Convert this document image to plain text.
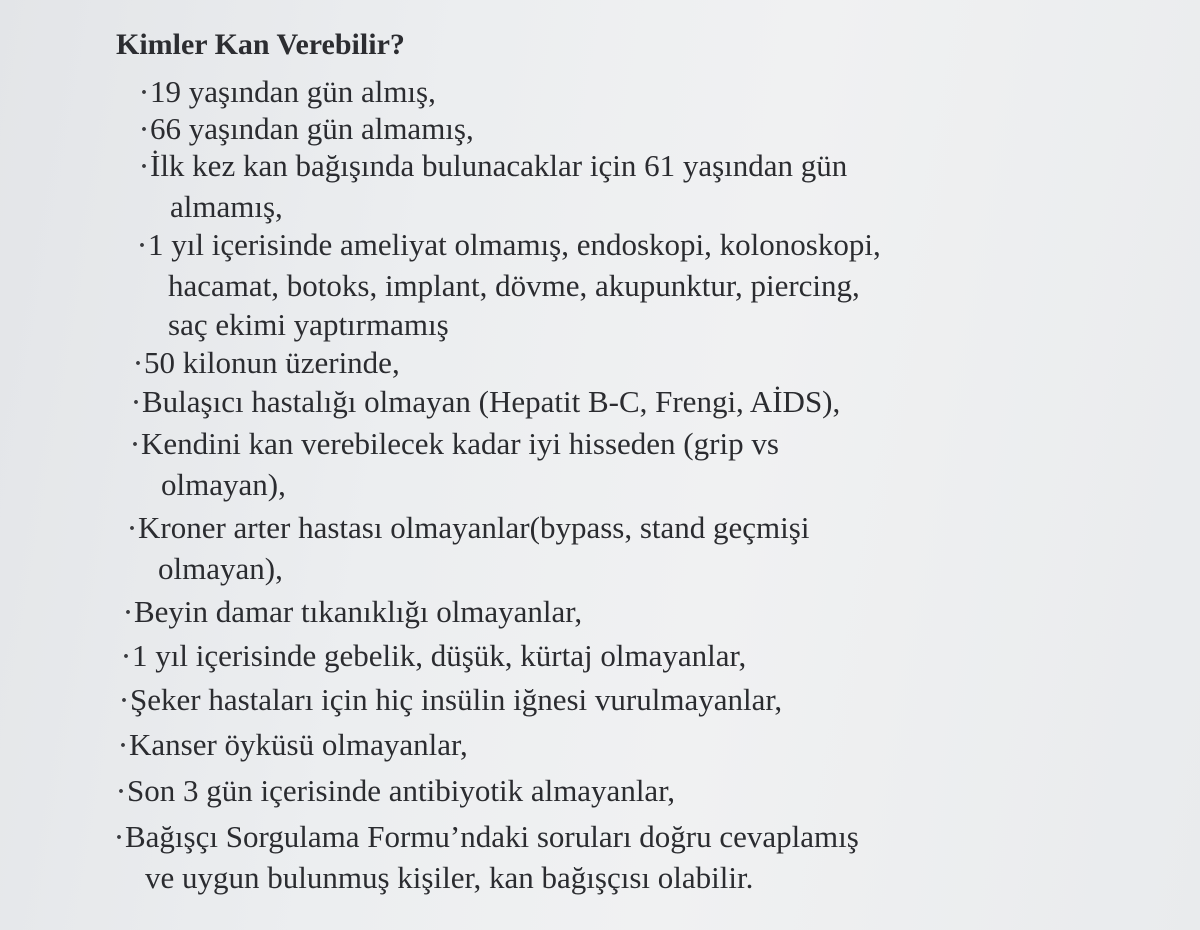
Kimler Kan Verebilir?
·19 yaşından gün almış,
·66 yaşından gün almamış,
·İlk kez kan bağışında bulunacaklar için 61 yaşından gün
almamış,
·1 yıl içerisinde ameliyat olmamış, endoskopi, kolonoskopi,
hacamat, botoks, implant, dövme, akupunktur, piercing,
saç ekimi yaptırmamış
·50 kilonun üzerinde,
·Bulaşıcı hastalığı olmayan (Hepatit B-C, Frengi, AİDS),
·Kendini kan verebilecek kadar iyi hisseden (grip vs
olmayan),
·Kroner arter hastası olmayanlar(bypass, stand geçmişi
olmayan),
·Beyin damar tıkanıklığı olmayanlar,
·1 yıl içerisinde gebelik, düşük, kürtaj olmayanlar,
·Şeker hastaları için hiç insülin iğnesi vurulmayanlar,
·Kanser öyküsü olmayanlar,
·Son 3 gün içerisinde antibiyotik almayanlar,
·Bağışçı Sorgulama Formu’ndaki soruları doğru cevaplamış
ve uygun bulunmuş kişiler, kan bağışçısı olabilir.
